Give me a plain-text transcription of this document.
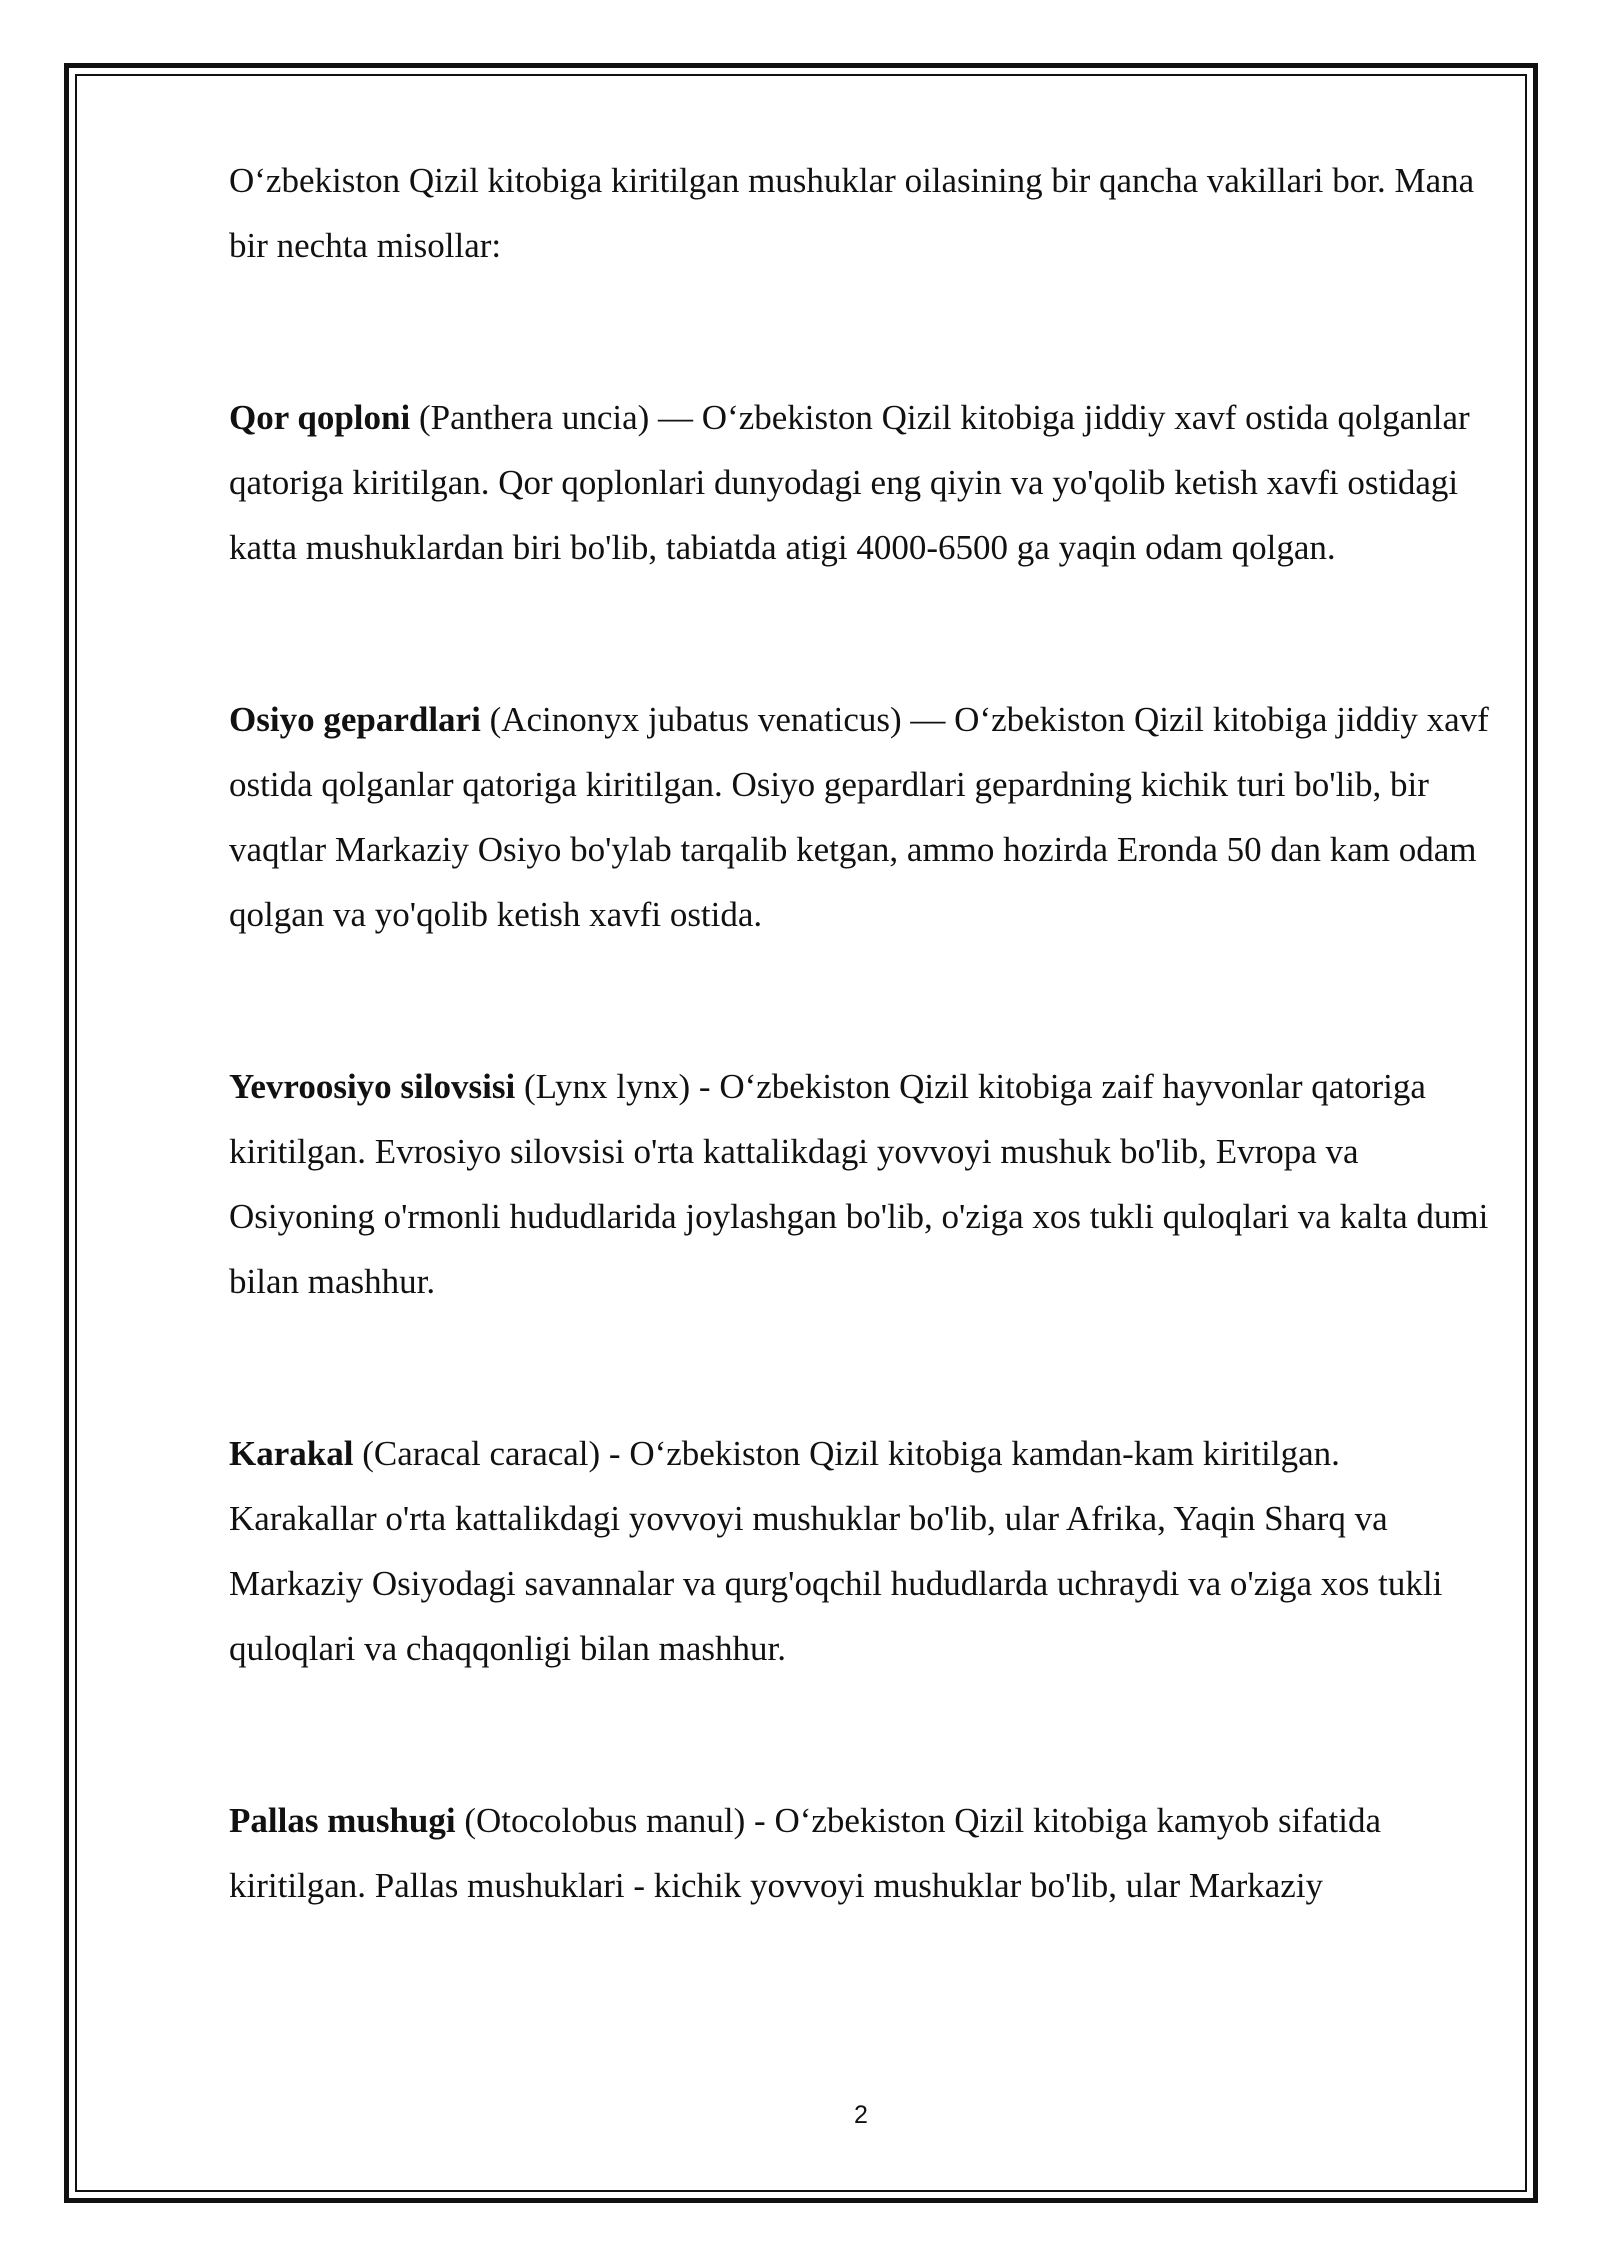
O‘zbekiston Qizil kitobiga kiritilgan mushuklar oilasining bir qancha vakillari bor. Mana bir nechta misollar:

Qor qoploni (Panthera uncia) — O‘zbekiston Qizil kitobiga jiddiy xavf ostida qolganlar qatoriga kiritilgan. Qor qoplonlari dunyodagi eng qiyin va yo'qolib ketish xavfi ostidagi katta mushuklardan biri bo'lib, tabiatda atigi 4000-6500 ga yaqin odam qolgan.

Osiyo gepardlari (Acinonyx jubatus venaticus) — O‘zbekiston Qizil kitobiga jiddiy xavf ostida qolganlar qatoriga kiritilgan. Osiyo gepardlari gepardning kichik turi bo'lib, bir vaqtlar Markaziy Osiyo bo'ylab tarqalib ketgan, ammo hozirda Eronda 50 dan kam odam qolgan va yo'qolib ketish xavfi ostida.

Yevroosiyo silovsisi (Lynx lynx) - O‘zbekiston Qizil kitobiga zaif hayvonlar qatoriga kiritilgan. Evrosiyo silovsisi o'rta kattalikdagi yovvoyi mushuk bo'lib, Evropa va Osiyoning o'rmonli hududlarida joylashgan bo'lib, o'ziga xos tukli quloqlari va kalta dumi bilan mashhur.

Karakal (Caracal caracal) - O‘zbekiston Qizil kitobiga kamdan-kam kiritilgan. Karakallar o'rta kattalikdagi yovvoyi mushuklar bo'lib, ular Afrika, Yaqin Sharq va Markaziy Osiyodagi savannalar va qurg'oqchil hududlarda uchraydi va o'ziga xos tukli quloqlari va chaqqonligi bilan mashhur.

Pallas mushugi (Otocolobus manul) - O‘zbekiston Qizil kitobiga kamyob sifatida kiritilgan. Pallas mushuklari - kichik yovvoyi mushuklar bo'lib, ular Markaziy

2
